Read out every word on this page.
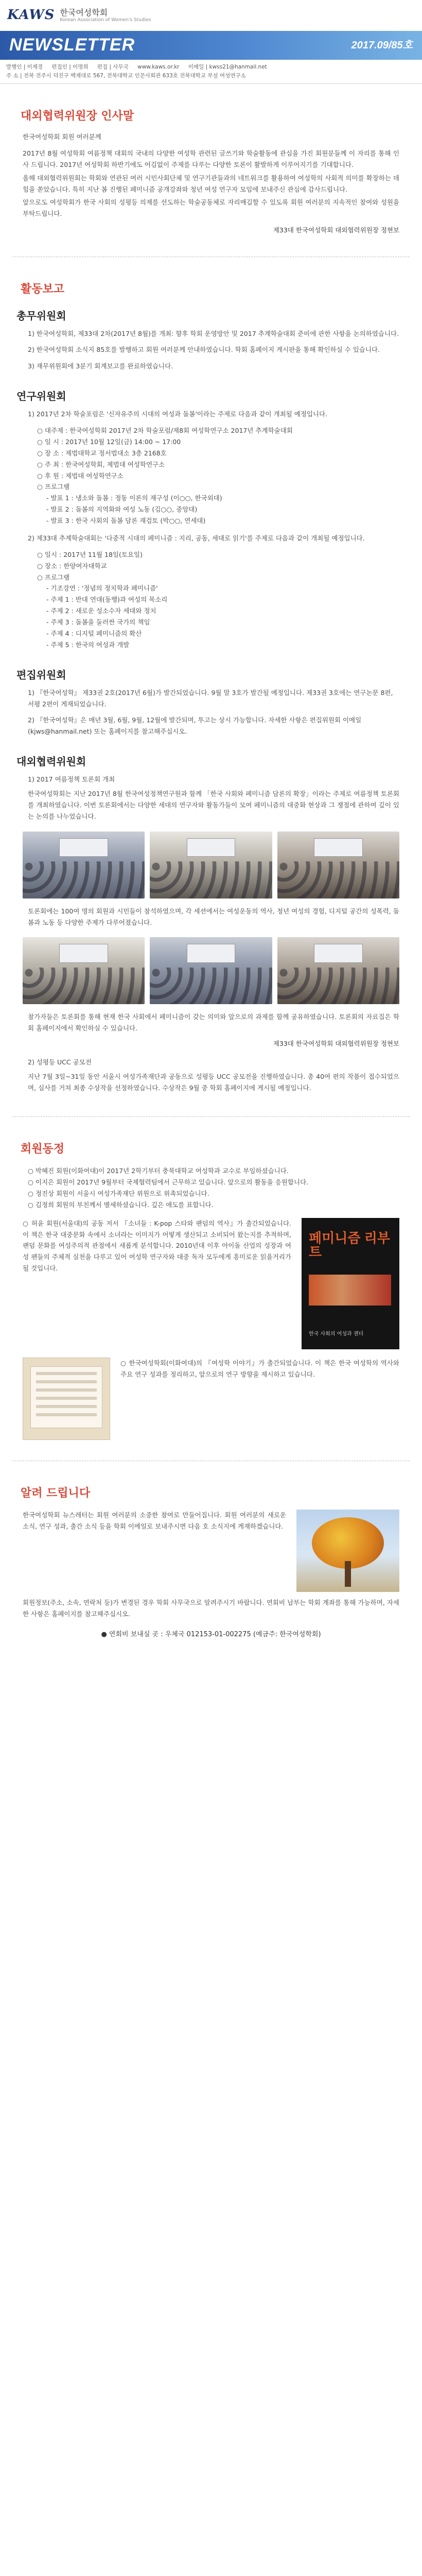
KAWS 한국여성학회
Korean Association of Women's Studies
NEWSLETTER	2017.09/85호
발행인 | 이재경 편집인 | 이명희 편집 | 사무국 www.kaws.or.kr 이메일 | kwss21@hanmail.net
주 소 | 전북 전주시 덕진구 백제대로 567, 전북대학교 인문사회관 633호 전북대학교 부설 여성연구소
대외협력위원장 인사말
한국여성학회 회원 여러분께
2017년 8월 여성학회 여름정책 대회의 국내의 다양한 여성학 관련된 글쓰기와 학술활동에 관심을 가진 회원분들께 이 자리를 통해 인사 드립니다. 2017년 여성학회 하반기에도 어김없이 주제를 다루는 다양한 토론이 활발하게 이루어지기를 기대합니다.
올해 대외협력위원회는 학회와 연관된 여러 시민사회단체 및 연구기관들과의 네트워크를 활용하여 여성학의 사회적 의미를 확장하는 데 힘을 쏟았습니다. 특히 지난 봄 진행된 페미니즘 공개강좌와 청년 여성 연구자 모임에 보내주신 관심에 감사드립니다.
앞으로도 여성학회가 한국 사회의 성평등 의제를 선도하는 학술공동체로 자리매김할 수 있도록 회원 여러분의 지속적인 참여와 성원을 부탁드립니다.
제33대 한국여성학회 대외협력위원장 정현보
활동보고
총무위원회
1) 한국여성학회, 제33대 2차(2017년 8월)를 개최: 향후 학회 운영방안 및 2017 추계학술대회 준비에 관한 사항을 논의하였습니다.
2) 한국여성학회 소식지 85호를 발행하고 회원 여러분께 안내하였습니다. 학회 홈페이지 게시판을 통해 확인하실 수 있습니다.
3) 재무위원회에 3분기 회계보고를 완료하였습니다.
연구위원회
1) 2017년 2차 학술포럼은 '신자유주의 시대의 여성과 돌봄'이라는 주제로 다음과 같이 개최될 예정입니다.
○ 대주제 : 한국여성학회 2017년 2차 학술포럼/제8회 여성학연구소 2017년 추계학술대회
○ 일 시 : 2017년 10월 12일(금) 14:00 ~ 17:00
○ 장 소 : 제법대학교 정서법대소 3층 2168호
○ 주 최 : 한국여성학회, 제법대 여성학연구소
○ 후 원 : 제법대 여성학연구소
○ 프로그램
- 발표 1 : 냉소와 돌봄 : 정동 이론의 재구성 (이○○, 한국외대)
- 발표 2 : 돌봄의 지역화와 여성 노동 (김○○, 중앙대)
- 발표 3 : 한국 사회의 돌봄 담론 재검토 (박○○, 연세대)
2) 제33대 추계학술대회는 '다중적 시대의 페미니즘 : 지리, 공동, 세대로 읽기'를 주제로 다음과 같이 개최될 예정입니다.
○ 일시 : 2017년 11월 18일(토요일)
○ 장소 : 한양여자대학교
○ 프로그램
- 기조강연 : '정념의 정치학과 페미니즘'
- 주제 1 : 반대 연대(동행)과 여성의 목소리
- 주제 2 : 새로운 성소수자 세대와 정치
- 주제 3 : 돌봄을 둘러싼 국가의 책임
- 주제 4 : 디지털 페미니즘의 확산
- 주제 5 : 한국의 여성과 개발
편집위원회
1) 『한국여성학』 제33권 2호(2017년 6월)가 발간되었습니다. 9월 말 3호가 발간될 예정입니다. 제33권 3호에는 연구논문 8편, 서평 2편이 게재되었습니다.
2) 『한국여성학』은 매년 3월, 6월, 9월, 12월에 발간되며, 투고는 상시 가능합니다. 자세한 사항은 편집위원회 이메일(kjws@hanmail.net) 또는 홈페이지를 참고해주십시오.
대외협력위원회
1) 2017 여름정책 토론회 개최
한국여성학회는 지난 2017년 8월 한국여성정책연구원과 함께 「한국 사회와 페미니즘 담론의 확장」이라는 주제로 여름정책 토론회를 개최하였습니다. 이번 토론회에서는 다양한 세대의 연구자와 활동가들이 모여 페미니즘의 대중화 현상과 그 쟁점에 관하여 깊이 있는 논의를 나누었습니다.
토론회에는 100여 명의 회원과 시민들이 참석하였으며, 각 세션에서는 여성운동의 역사, 청년 여성의 경험, 디지털 공간의 성폭력, 돌봄과 노동 등 다양한 주제가 다루어졌습니다.
참가자들은 토론회를 통해 현재 한국 사회에서 페미니즘이 갖는 의미와 앞으로의 과제를 함께 공유하였습니다. 토론회의 자료집은 학회 홈페이지에서 확인하실 수 있습니다.
제33대 한국여성학회 대외협력위원장 정현보
2) 성평등 UCC 공모전
지난 7월 3일~31일 동안 서울시 여성가족재단과 공동으로 성평등 UCC 공모전을 진행하였습니다. 총 40여 편의 작품이 접수되었으며, 심사를 거쳐 최종 수상작을 선정하였습니다. 수상작은 9월 중 학회 홈페이지에 게시될 예정입니다.
회원동정
○ 박혜진 회원(이화여대)이 2017년 2학기부터 충북대학교 여성학과 교수로 부임하셨습니다.
○ 이지은 회원이 2017년 9월부터 국제협력팀에서 근무하고 있습니다. 앞으로의 활동을 응원합니다.
○ 정진상 회원이 서울시 여성가족재단 위원으로 위촉되었습니다.
○ 김정희 회원의 부친께서 별세하셨습니다. 깊은 애도를 표합니다.
○ 허윤 회원(서울대)의 공동 저서 『소녀들 : K-pop 스타와 팬덤의 역사』가 출간되었습니다. 이 책은 한국 대중문화 속에서 소녀라는 이미지가 어떻게 생산되고 소비되어 왔는지를 추적하며, 팬덤 문화를 여성주의적 관점에서 새롭게 분석합니다. 2010년대 이후 아이돌 산업의 성장과 여성 팬들의 주체적 실천을 다루고 있어 여성학 연구자와 대중 독자 모두에게 흥미로운 읽을거리가 될 것입니다.
페미니즘 리부트
한국 사회의 여성과 젠더
○ 한국여성학회(이화여대)의 『여성학 이야기』가 출간되었습니다. 이 책은 한국 여성학의 역사와 주요 연구 성과를 정리하고, 앞으로의 연구 방향을 제시하고 있습니다.
알려 드립니다
한국여성학회 뉴스레터는 회원 여러분의 소중한 참여로 만들어집니다. 회원 여러분의 새로운 소식, 연구 성과, 출간 소식 등을 학회 이메일로 보내주시면 다음 호 소식지에 게재하겠습니다.
회원정보(주소, 소속, 연락처 등)가 변경된 경우 학회 사무국으로 알려주시기 바랍니다. 연회비 납부는 학회 계좌를 통해 가능하며, 자세한 사항은 홈페이지를 참고해주십시오.
● 연회비 보내실 곳 : 우체국 012153-01-002275 (예금주: 한국여성학회)
